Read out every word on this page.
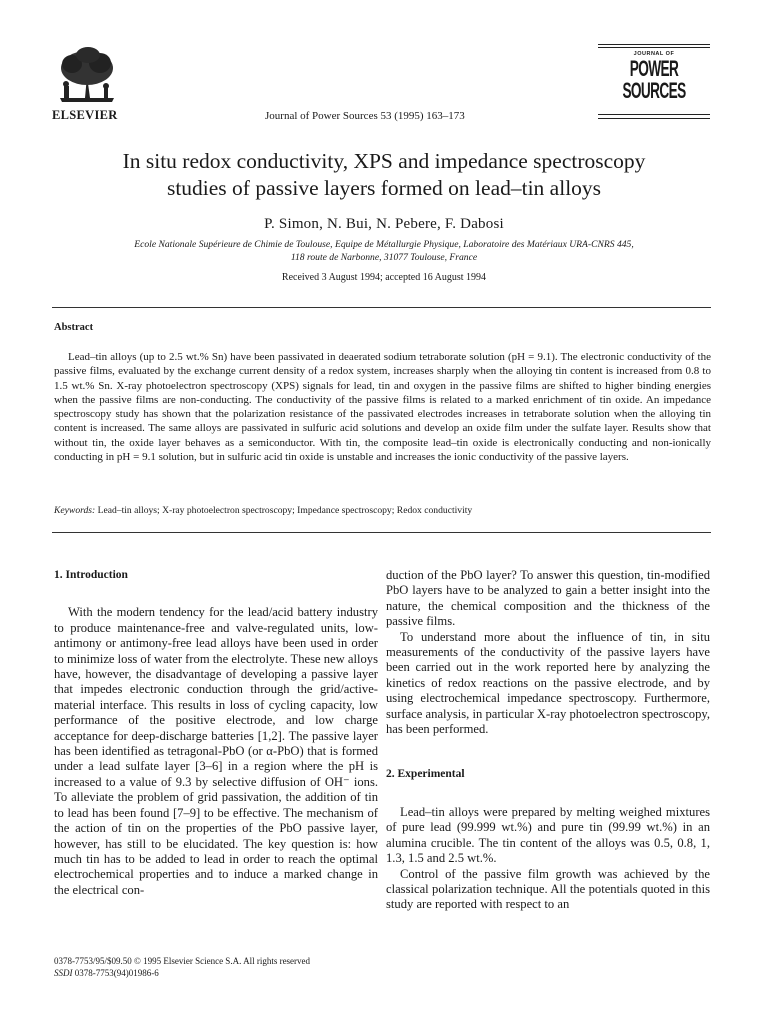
ELSEVIER	Journal of Power Sources 53 (1995) 163–173
JOURNAL OF
POWER
SOURCES
In situ redox conductivity, XPS and impedance spectroscopy
studies of passive layers formed on lead–tin alloys
P. Simon, N. Bui, N. Pebere, F. Dabosi
Ecole Nationale Supérieure de Chimie de Toulouse, Equipe de Métallurgie Physique, Laboratoire des Matériaux URA-CNRS 445,
118 route de Narbonne, 31077 Toulouse, France
Received 3 August 1994; accepted 16 August 1994
Abstract
Lead–tin alloys (up to 2.5 wt.% Sn) have been passivated in deaerated sodium tetraborate solution (pH = 9.1). The electronic conductivity of the passive films, evaluated by the exchange current density of a redox system, increases sharply when the alloying tin content is increased from 0.8 to 1.5 wt.% Sn. X-ray photoelectron spectroscopy (XPS) signals for lead, tin and oxygen in the passive films are shifted to higher binding energies when the passive films are non-conducting. The conductivity of the passive films is related to a marked enrichment of tin oxide. An impedance spectroscopy study has shown that the polarization resistance of the passivated electrodes increases in tetraborate solution when the alloying tin content is increased. The same alloys are passivated in sulfuric acid solutions and develop an oxide film under the sulfate layer. Results show that without tin, the oxide layer behaves as a semiconductor. With tin, the composite lead–tin oxide is electronically conducting and non-ionically conducting in pH = 9.1 solution, but in sulfuric acid tin oxide is unstable and increases the ionic conductivity of the passive layers.
Keywords: Lead–tin alloys; X-ray photoelectron spectroscopy; Impedance spectroscopy; Redox conductivity
1. Introduction
With the modern tendency for the lead/acid battery industry to produce maintenance-free and valve-regulated units, low-antimony or antimony-free lead alloys have been used in order to minimize loss of water from the electrolyte. These new alloys have, however, the disadvantage of developing a passive layer that impedes electronic conduction through the grid/active-material interface. This results in loss of cycling capacity, low performance of the positive electrode, and low charge acceptance for deep-discharge batteries [1,2]. The passive layer has been identified as tetragonal-PbO (or α-PbO) that is formed under a lead sulfate layer [3–6] in a region where the pH is increased to a value of 9.3 by selective diffusion of OH⁻ ions. To alleviate the problem of grid passivation, the addition of tin to lead has been found [7–9] to be effective. The mechanism of the action of tin on the properties of the PbO passive layer, however, has still to be elucidated. The key question is: how much tin has to be added to lead in order to reach the optimal electrochemical properties and to induce a marked change in the electrical con-
duction of the PbO layer? To answer this question, tin-modified PbO layers have to be analyzed to gain a better insight into the nature, the chemical composition and the thickness of the passive films.
To understand more about the influence of tin, in situ measurements of the conductivity of the passive layers have been carried out in the work reported here by analyzing the kinetics of redox reactions on the passive electrode, and by using electrochemical impedance spectroscopy. Furthermore, surface analysis, in particular X-ray photoelectron spectroscopy, has been performed.
2. Experimental
Lead–tin alloys were prepared by melting weighed mixtures of pure lead (99.999 wt.%) and pure tin (99.99 wt.%) in an alumina crucible. The tin content of the alloys was 0.5, 0.8, 1, 1.3, 1.5 and 2.5 wt.%.
Control of the passive film growth was achieved by the classical polarization technique. All the potentials quoted in this study are reported with respect to an
0378-7753/95/$09.50 © 1995 Elsevier Science S.A. All rights reserved
SSDI 0378-7753(94)01986-6
